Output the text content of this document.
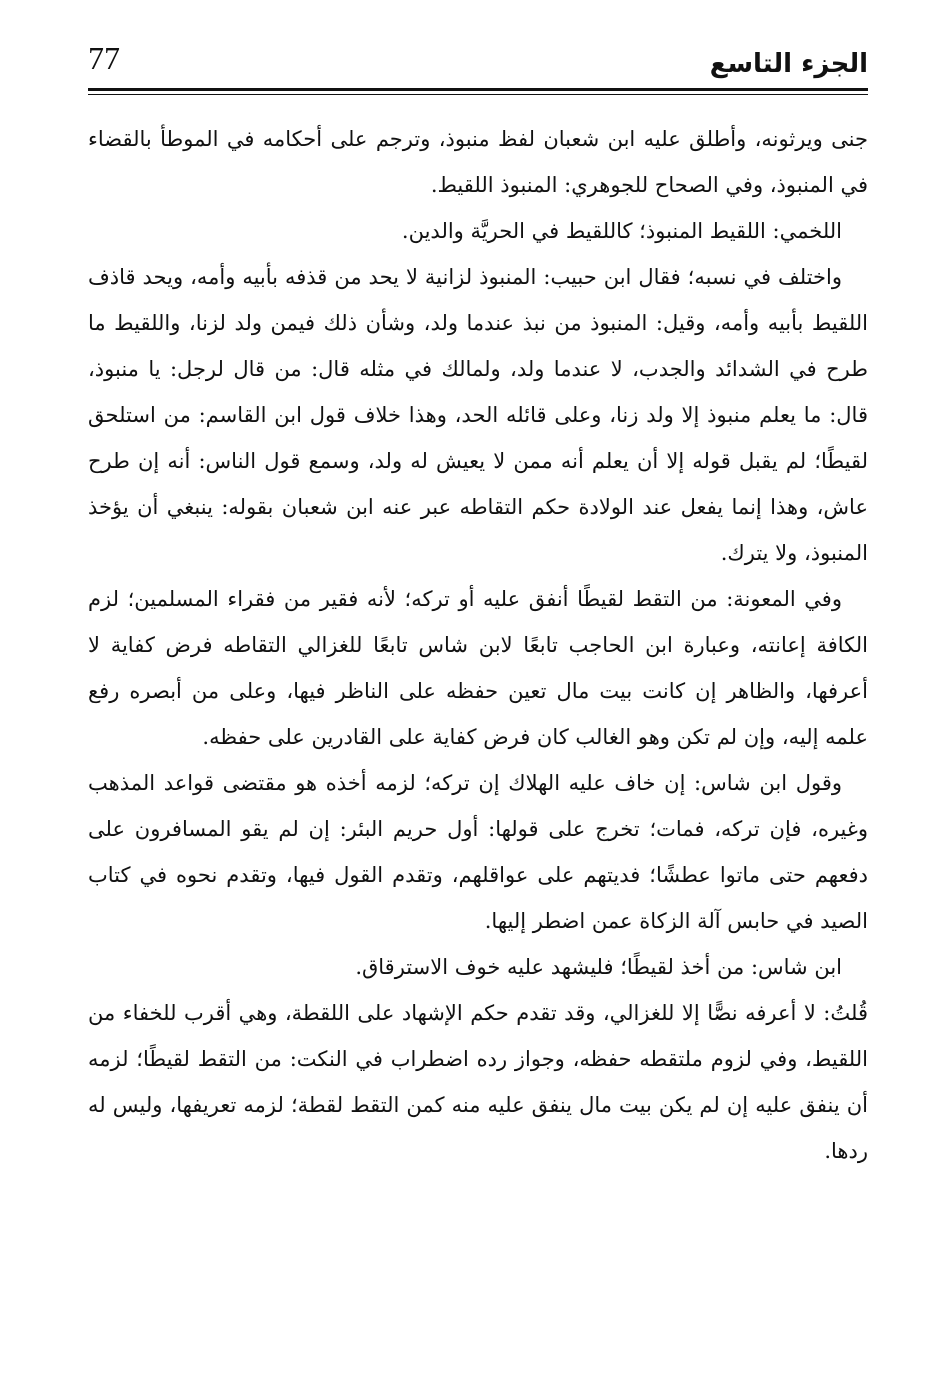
الجزء التاسع
77

جنى ويرثونه، وأطلق عليه ابن شعبان لفظ منبوذ، وترجم على أحكامه في الموطأ بالقضاء في المنبوذ، وفي الصحاح للجوهري: المنبوذ اللقيط.

اللخمي: اللقيط المنبوذ؛ كاللقيط في الحريَّة والدين.

واختلف في نسبه؛ فقال ابن حبيب: المنبوذ لزانية لا يحد من قذفه بأبيه وأمه، ويحد قاذف اللقيط بأبيه وأمه، وقيل: المنبوذ من نبذ عندما ولد، وشأن ذلك فيمن ولد لزنا، واللقيط ما طرح في الشدائد والجدب، لا عندما ولد، ولمالك في مثله قال: من قال لرجل: يا منبوذ، قال: ما يعلم منبوذ إلا ولد زنا، وعلى قائله الحد، وهذا خلاف قول ابن القاسم: من استلحق لقيطًا؛ لم يقبل قوله إلا أن يعلم أنه ممن لا يعيش له ولد، وسمع قول الناس: أنه إن طرح عاش، وهذا إنما يفعل عند الولادة حكم التقاطه عبر عنه ابن شعبان بقوله: ينبغي أن يؤخذ المنبوذ، ولا يترك.

وفي المعونة: من التقط لقيطًا أنفق عليه أو تركه؛ لأنه فقير من فقراء المسلمين؛ لزم الكافة إعانته، وعبارة ابن الحاجب تابعًا لابن شاس تابعًا للغزالي التقاطه فرض كفاية لا أعرفها، والظاهر إن كانت بيت مال تعين حفظه على الناظر فيها، وعلى من أبصره رفع علمه إليه، وإن لم تكن وهو الغالب كان فرض كفاية على القادرين على حفظه.

وقول ابن شاس: إن خاف عليه الهلاك إن تركه؛ لزمه أخذه هو مقتضى قواعد المذهب وغيره، فإن تركه، فمات؛ تخرج على قولها: أول حريم البئر: إن لم يقو المسافرون على دفعهم حتى ماتوا عطشًا؛ فديتهم على عواقلهم، وتقدم القول فيها، وتقدم نحوه في كتاب الصيد في حابس آلة الزكاة عمن اضطر إليها.

ابن شاس: من أخذ لقيطًا؛ فليشهد عليه خوف الاسترقاق.

قُلتُ: لا أعرفه نصًّا إلا للغزالي، وقد تقدم حكم الإشهاد على اللقطة، وهي أقرب للخفاء من اللقيط، وفي لزوم ملتقطه حفظه، وجواز رده اضطراب في النكت: من التقط لقيطًا؛ لزمه أن ينفق عليه إن لم يكن بيت مال ينفق عليه منه كمن التقط لقطة؛ لزمه تعريفها، وليس له ردها.
